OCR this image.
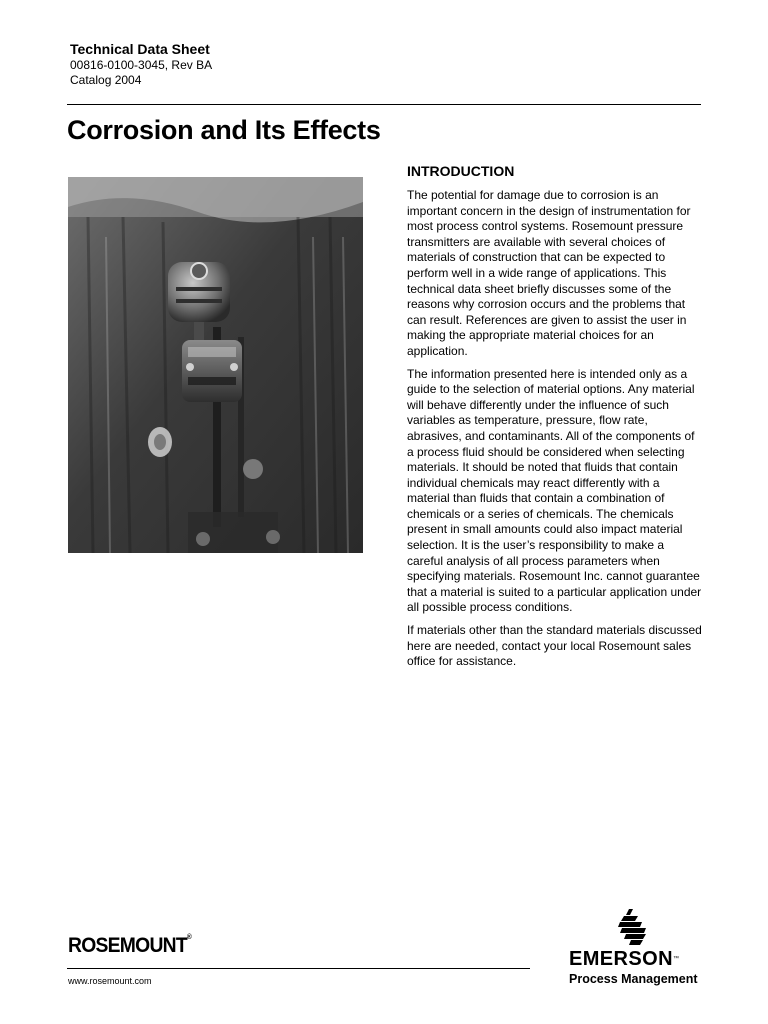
Technical Data Sheet

00816-0100-3045, Rev BA

Catalog 2004

Corrosion and Its Effects
INTRODUCTION

The potential for damage due to corrosion is an important concern in the design of instrumentation for most process control systems. Rosemount pressure transmitters are available with several choices of materials of construction that can be expected to perform well in a wide range of applications. This technical data sheet briefly discusses some of the reasons why corrosion occurs and the problems that can result. References are given to assist the user in making the appropriate material choices for an application.

The information presented here is intended only as a guide to the selection of material options. Any material will behave differently under the influence of such variables as temperature, pressure, flow rate, abrasives, and contaminants. All of the components of a process fluid should be considered when selecting materials. It should be noted that fluids that contain individual chemicals may react differently with a material than fluids that contain a combination of chemicals or a series of chemicals. The chemicals present in small amounts could also impact material selection. It is the user’s responsibility to make a careful analysis of all process parameters when specifying materials. Rosemount Inc. cannot guarantee that a material is suited to a particular application under all possible process conditions.

If materials other than the standard materials discussed here are needed, contact your local Rosemount sales office for assistance.

ROSEMOUNT®
www.rosemount.com
EMERSON™
Process Management
